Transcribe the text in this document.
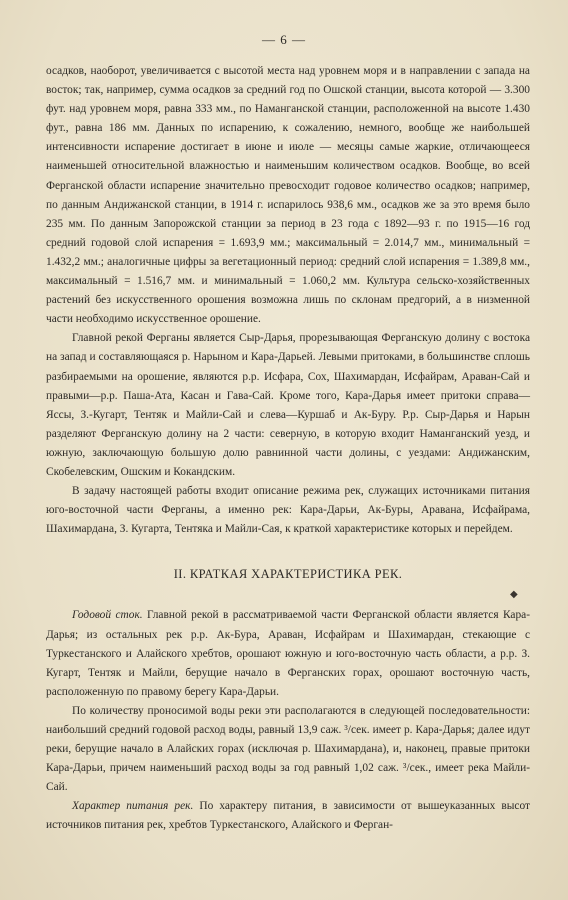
— 6 —

осадков, наоборот, увеличивается с высотой места над уровнем моря и в направлении с запада на восток; так, например, сумма осадков за средний год по Ошской станции, высота которой — 3.300 фут. над уровнем моря, равна 333 мм., по Наманганской станции, расположенной на высоте 1.430 фут., равна 186 мм. Данных по испарению, к сожалению, немного, вообще же наибольшей интенсивности испарение достигает в июне и июле — месяцы самые жаркие, отличающееся наименьшей относительной влажностью и наименьшим количеством осадков. Вообще, во всей Ферганской области испарение значительно превосходит годовое количество осадков; например, по данным Андижанской станции, в 1914 г. испарилось 938,6 мм., осадков же за это время было 235 мм. По данным Запорожской станции за период в 23 года с 1892—93 г. по 1915—16 год средний годовой слой испарения = 1.693,9 мм.; максимальный = 2.014,7 мм., минимальный = 1.432,2 мм.; аналогичные цифры за вегетационный период: средний слой испарения = 1.389,8 мм., максимальный = 1.516,7 мм. и минимальный = 1.060,2 мм. Культура сельско-хозяйственных растений без искусственного орошения возможна лишь по склонам предгорий, а в низменной части необходимо искусственное орошение.

Главной рекой Ферганы является Сыр-Дарья, прорезывающая Ферганскую долину с востока на запад и составляющаяся р. Нарыном и Кара-Дарьей. Левыми притоками, в большинстве сплошь разбираемыми на орошение, являются р.р. Исфара, Сох, Шахимардан, Исфайрам, Араван-Сай и правыми—р.р. Паша-Ата, Касан и Гава-Сай. Кроме того, Кара-Дарья имеет притоки справа—Яссы, З.-Кугарт, Тентяк и Майли-Сай и слева—Куршаб и Ак-Буру. Р.р. Сыр-Дарья и Нарын разделяют Ферганскую долину на 2 части: северную, в которую входит Наманганский уезд, и южную, заключающую большую долю равнинной части долины, с уездами: Андижанским, Скобелевским, Ошским и Кокандским.

В задачу настоящей работы входит описание режима рек, служащих источниками питания юго-восточной части Ферганы, а именно рек: Кара-Дарьи, Ак-Буры, Аравана, Исфайрама, Шахимардана, З. Кугарта, Тентяка и Майли-Сая, к краткой характеристике которых и перейдем.

II. КРАТКАЯ ХАРАКТЕРИСТИКА РЕК.

Годовой сток. Главной рекой в рассматриваемой части Ферганской области является Кара-Дарья; из остальных рек р.р. Ак-Бура, Араван, Исфайрам и Шахимардан, стекающие с Туркестанского и Алайского хребтов, орошают южную и юго-восточную часть области, а р.р. З. Кугарт, Тентяк и Майли, берущие начало в Ферганских горах, орошают восточную часть, расположенную по правому берегу Кара-Дарьи.

По количеству проносимой воды реки эти располагаются в следующей последовательности: наибольший средний годовой расход воды, равный 13,9 саж. ³/сек. имеет р. Кара-Дарья; далее идут реки, берущие начало в Алайских горах (исключая р. Шахимардана), и, наконец, правые притоки Кара-Дарьи, причем наименьший расход воды за год равный 1,02 саж. ³/сек., имеет река Майли-Сай.

Характер питания рек. По характеру питания, в зависимости от вышеуказанных высот источников питания рек, хребтов Туркестанского, Алайского и Ферган-

◆
